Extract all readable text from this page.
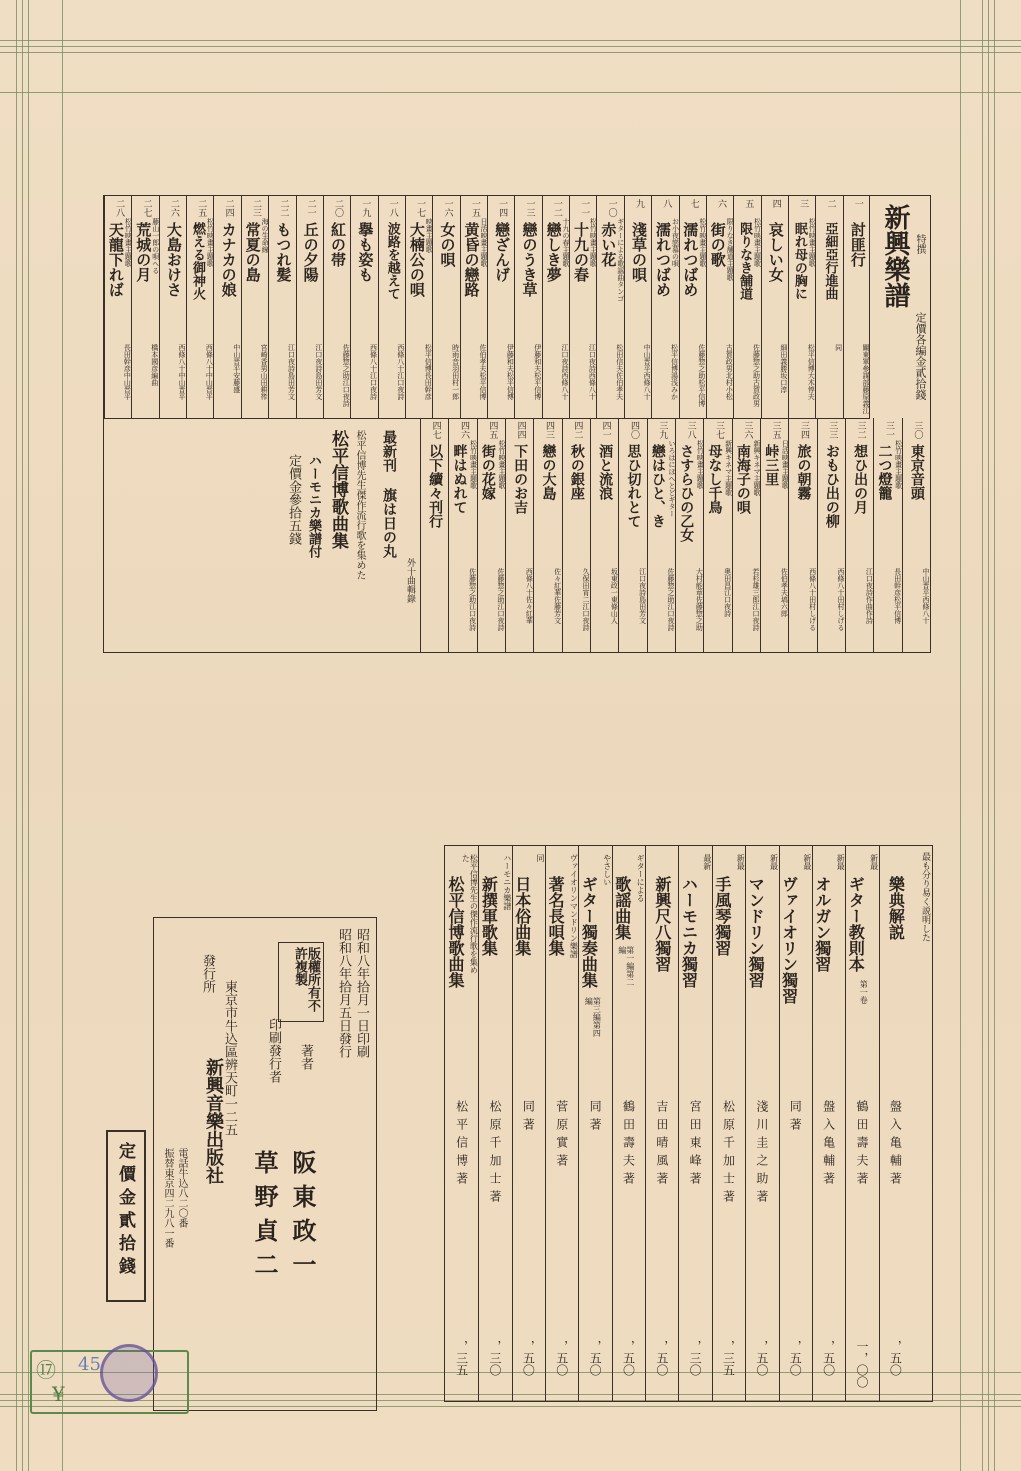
新興樂譜 特撰
定價各編金貳拾錢
一
討匪行
關東軍參謀部藤原義江
二
亞細亞行進曲
同
三
松竹映畫主題歌
眠れ母の胸に
松平信博大木惇夫
四
哀しい女
細田義勝坂口淳
五
松竹映畫主題歌
限りなき舗道
佐藤惣之助古賀政男
六
限りなき舗道主題歌
街の歌
古賀政男北村小松
七
松竹映畫主題歌
濡れつばめ
佐藤惣之助松平信博
八
お小夜戀慕の唄
濡れつばめ
松平信博湯浅みか
九
淺草の唄
中山晋平西條八十
一〇
ギターによる歌謡曲タンゴ
赤い花
松田信夫佐伯孝夫
一一
松竹映畫主題歌
十九の春
江口夜詩西條八十
一二
十九の春主題歌
戀しき夢
江口夜詩西條八十
一三
戀のうき草
伊藤和夫松平信博
一四
戀ざんげ
伊藤和夫松平信博
一五
日活映畫主題歌
黄昏の戀路
佐伯孝夫松平信博
一六
女の唄
時雨音羽田村一郎
一七
映畫主題歌
大楠公の唄
松平信博長田幹彦
一八
波路を越えて
西條八十江口夜詩
一九
擧も姿も
西條八十江口夜詩
二〇
紅の帯
佐藤惣之助江口夜詩
二一
丘の夕陽
江口夜詩島田芳文
二二
もつれ髪
江口夜詩島田芳文
二三
海の生命線
常夏の島
宮崎香男山田耕筰
二四
カナカの娘
中山晋平安藤盛
二五
松竹映畫主題歌
燃える御神火
西條八十中山晋平
二六
大島おけさ
西條八十中山晋平
二七
藤山一郎の唄へる
荒城の月
橋本國彦編曲
二八
松竹映畫主題歌
天龍下れば
長田幹彦中山晋平
三〇
東京音頭
中山晋平西條八十
三一
松竹映畫主題歌
二つ燈籠
長田幹彦松平信博
三二
想ひ出の月
江口夜詩作曲作詩
三三
おもひ出の柳
西條八十田村しげる
三四
旅の朝霧
西條八十田村しげる
三五
日活映畫主題歌
峠三里
佐伯孝夫塙六郎
三六
新興キネマ主題歌
南海子の唄
若杉雄三郎江口夜詩
三七
新興キネマ主題歌
母なし千鳥
奥田昌江口夜詩
三八
松竹映畫主題歌
さすらひの乙女
大村能章佐藤惣之助
三九
いろはにほへとどギター
戀はひと、き
佐藤惣之助江口夜詩
四〇
思ひ切れとて
江口夜詩島田芳文
四一
酒と流浪
坂東政一東條山人
四二
秋の銀座
久保田宵二江口夜詩
四三
戀の大島
佐々紅華佐藤芳文
四四
下田のお吉
西條八十佐々紅華
四五
松竹映畫主題歌
街の花嫁
佐藤惣之助江口夜詩
四六
松竹映畫主題歌
畔はぬれて
佐藤惣之助江口夜詩
四七
以下續々刊行
最新刊
旗は日の丸
外十曲輯錄
松平信博先生傑作流行歌を集めた
松平信博歌曲集
ハーモニカ樂譜付
定價金參拾五錢
最も分り易く説明した
樂典解説
盤入亀輔著
，五〇
新最
ギター教則本
第一卷
鶴田壽夫著
一，〇〇
新最
オルガン獨習
盤入亀輔著
，五〇
新最
ヴァイオリン獨習
同著
，五〇
新最
マンドリン獨習
淺川圭之助著
，五〇
新最
手風琴獨習
松原千加士著
，三五
最新
ハーモニカ獨習
宮田東峰著
，三〇
新興尺八獨習
吉田晴風著
，五〇
ギターによる
歌謡曲集
第一編第二編
鶴田壽夫著
，五〇
やさしい
ギター獨奏曲集
第三編第四編
同著
，五〇
ヴァイオリンマンドリン樂譜
著名長唄集
菅原實著
，五〇
同
日本俗曲集
同著
，五〇
ハーモニカ樂譜
新撰軍歌集
松原千加士著
，三〇
松平信博先生の傑作流行歌を集めた
松平信博歌曲集
松平信博著
，三五
昭和八年拾月一日印刷
昭和八年拾月五日發行
版權所有不許複製
著者
阪東政一
印刷發行者
草野貞二
東京市牛込區辨天町一二五
發行所
新興音樂出版社
電話牛込八二〇番
振替東京四二九八一番
定價金貳拾錢
⑰ 45
¥
